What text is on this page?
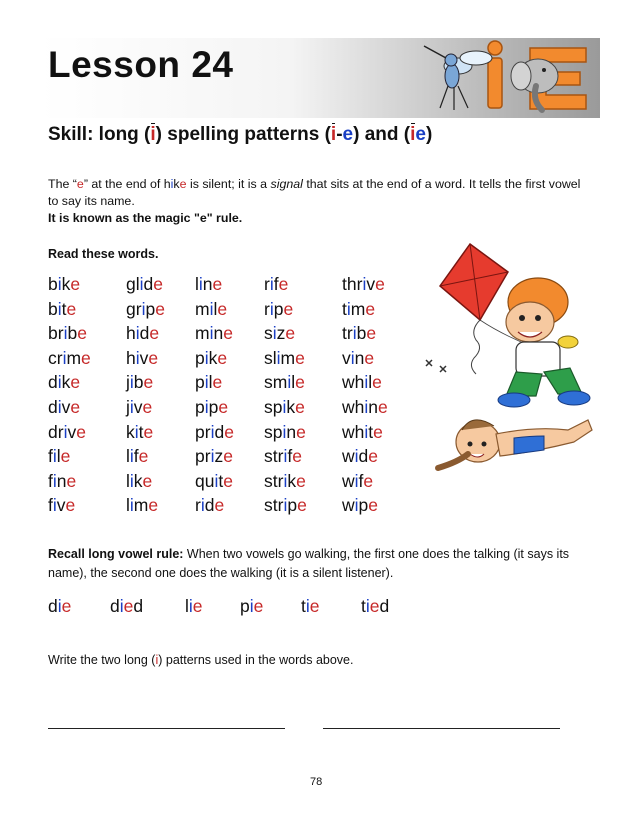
Lesson 24
Skill: long (i) spelling patterns (i-e) and (ie)

The “e” at the end of hike is silent; it is a signal that sits at the end of a word. It tells the first vowel to say its name.

It is known as the magic "e" rule.

Read these words.
bike
bite
bribe
crime
dike
dive
drive
file
fine
five
glide
gripe
hide
hive
jibe
jive
kite
life
like
lime
line
mile
mine
pike
pile
pipe
pride
prize
quite
ride
rife
ripe
size
slime
smile
spike
spine
strife
strike
stripe
thrive
time
tribe
vine
while
whine
white
wide
wife
wipe
Recall long vowel rule: When two vowels go walking, the first one does the talking (it says its name), the second one does the walking (it is a silent listener).
die died lie pie tie tied
Write the two long (i) patterns used in the words above.
78
